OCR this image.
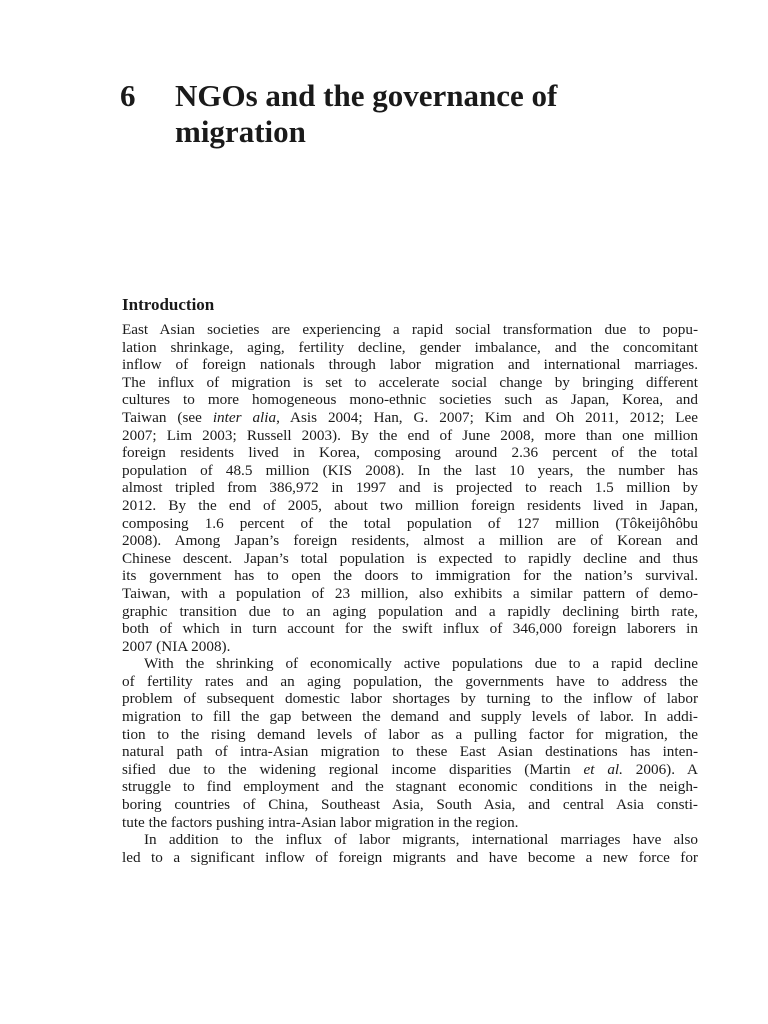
6 NGOs and the governance of
migration
Introduction
East Asian societies are experiencing a rapid social transformation due to popu-
lation shrinkage, aging, fertility decline, gender imbalance, and the concomitant
inflow of foreign nationals through labor migration and international marriages.
The influx of migration is set to accelerate social change by bringing different
cultures to more homogeneous mono-ethnic societies such as Japan, Korea, and
Taiwan (see inter alia, Asis 2004; Han, G. 2007; Kim and Oh 2011, 2012; Lee
2007; Lim 2003; Russell 2003). By the end of June 2008, more than one million
foreign residents lived in Korea, composing around 2.36 percent of the total
population of 48.5 million (KIS 2008). In the last 10 years, the number has
almost tripled from 386,972 in 1997 and is projected to reach 1.5 million by
2012. By the end of 2005, about two million foreign residents lived in Japan,
composing 1.6 percent of the total population of 127 million (Tôkeijôhôbu
2008). Among Japan’s foreign residents, almost a million are of Korean and
Chinese descent. Japan’s total population is expected to rapidly decline and thus
its government has to open the doors to immigration for the nation’s survival.
Taiwan, with a population of 23 million, also exhibits a similar pattern of demo-
graphic transition due to an aging population and a rapidly declining birth rate,
both of which in turn account for the swift influx of 346,000 foreign laborers in
2007 (NIA 2008).
With the shrinking of economically active populations due to a rapid decline
of fertility rates and an aging population, the governments have to address the
problem of subsequent domestic labor shortages by turning to the inflow of labor
migration to fill the gap between the demand and supply levels of labor. In addi-
tion to the rising demand levels of labor as a pulling factor for migration, the
natural path of intra-Asian migration to these East Asian destinations has inten-
sified due to the widening regional income disparities (Martin et al. 2006). A
struggle to find employment and the stagnant economic conditions in the neigh-
boring countries of China, Southeast Asia, South Asia, and central Asia consti-
tute the factors pushing intra-Asian labor migration in the region.
In addition to the influx of labor migrants, international marriages have also
led to a significant inflow of foreign migrants and have become a new force for
